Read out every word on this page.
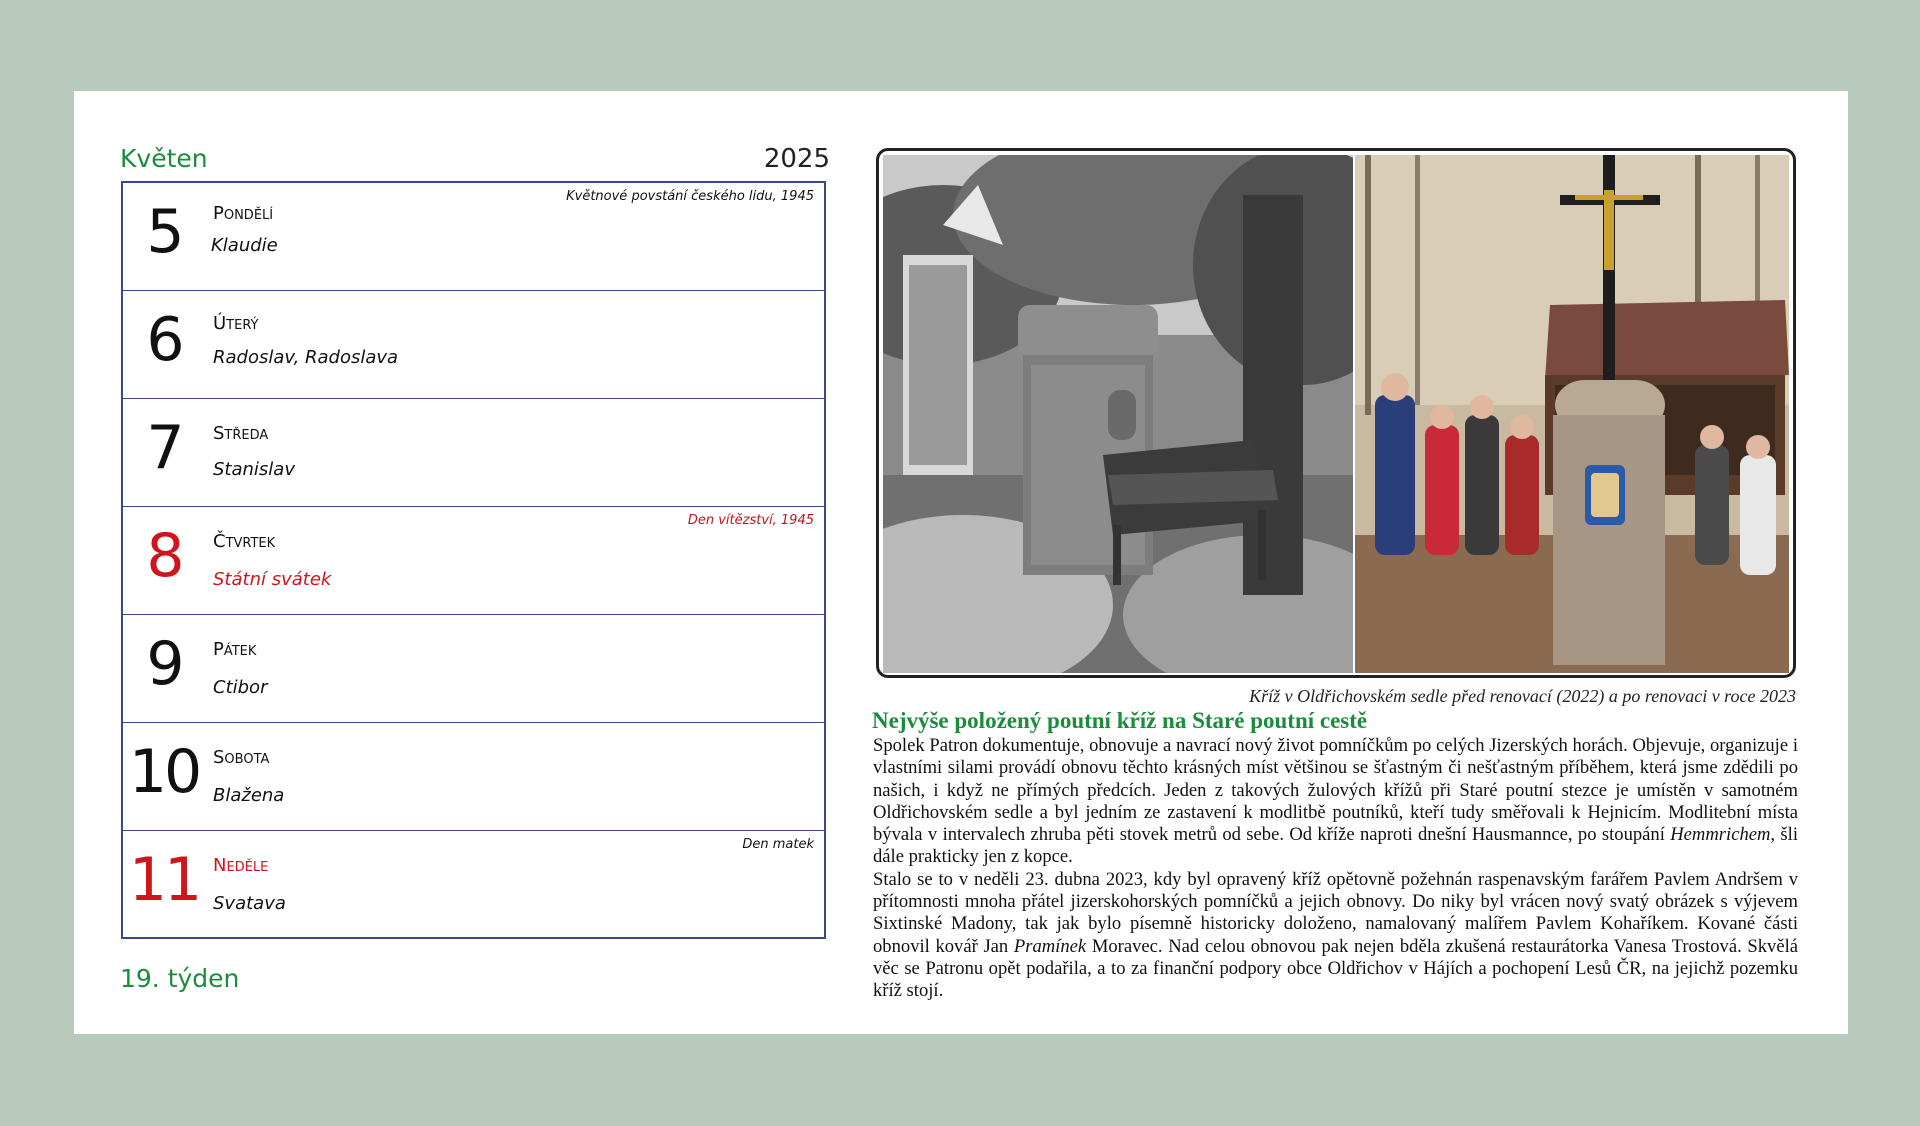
Květen	2025
5	Pondělí
Klaudie
Květnové povstání českého lidu, 1945
6	Úterý
Radoslav, Radoslava
7	Středa
Stanislav
8	Čtvrtek
Státní svátek
Den vítězství, 1945
9	Pátek
Ctibor
10 Sobota
Blažena
11 Neděle
Svatava
Den matek
19. týden
Kříž v Oldřichovském sedle před renovací (2022) a po renovaci v roce 2023
Nejvýše položený poutní kříž na Staré poutní cestě

Spolek Patron dokumentuje, obnovuje a navrací nový život pomníčkům po celých Jizerských horách. Objevuje, organizuje i vlastními silami provádí obnovu těchto krásných míst většinou se šťastným či nešťastným příběhem, která jsme zdědili po našich, i když ne přímých předcích. Jeden z takových žulových křížů při Staré poutní stezce je umístěn v samotném Oldřichovském sedle a byl jedním ze zastavení k modlitbě poutníků, kteří tudy směřovali k Hejnicím. Modlitební místa bývala v intervalech zhruba pěti stovek metrů od sebe. Od kříže naproti dnešní Hausmannce, po stoupání Hemmrichem, šli dále prakticky jen z kopce.

Stalo se to v neděli 23. dubna 2023, kdy byl opravený kříž opětovně požehnán raspenavským farářem Pavlem Andršem v přítomnosti mnoha přátel jizerskohorských pomníčků a jejich obnovy. Do niky byl vrácen nový svatý obrázek s výjevem Sixtinské Madony, tak jak bylo písemně historicky doloženo, namalovaný malířem Pavlem Kohaříkem. Kované části obnovil kovář Jan Pramínek Moravec. Nad celou obnovou pak nejen bděla zkušená restaurátorka Vanesa Trostová. Skvělá věc se Patronu opět podařila, a to za finanční podpory obce Oldřichov v Hájích a pochopení Lesů ČR, na jejichž pozemku kříž stojí.
